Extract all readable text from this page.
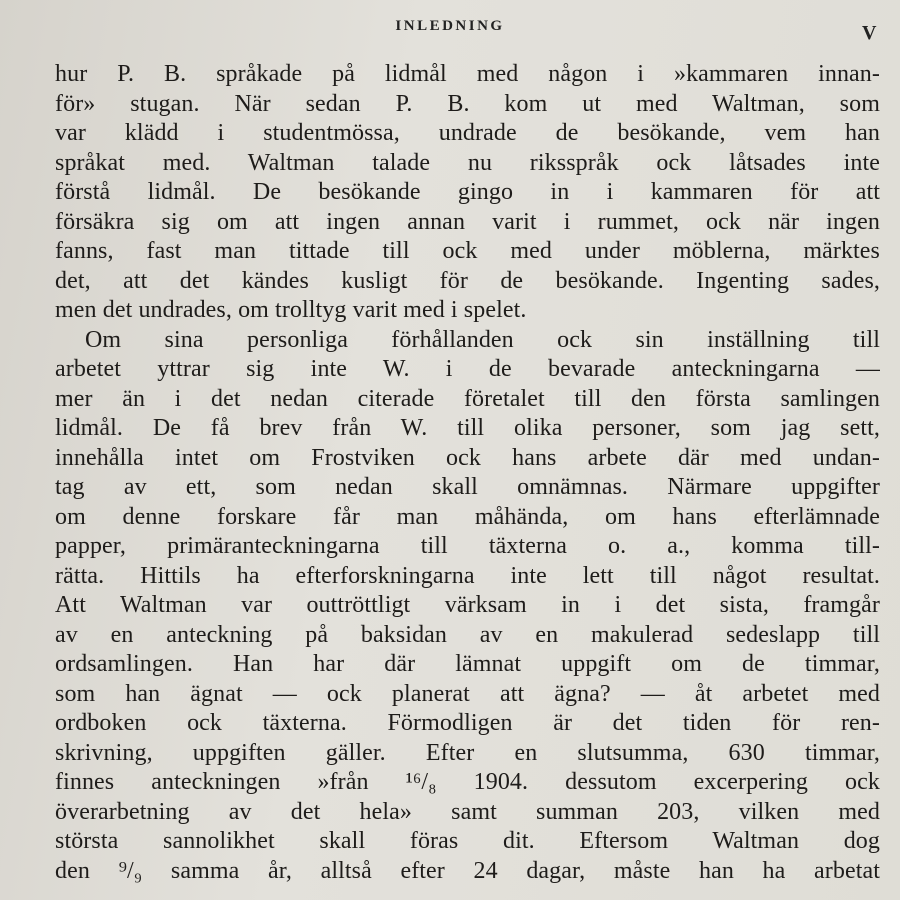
INLEDNING	V
hur P. B. språkade på lidmål med någon i »kammaren innan-
för» stugan. När sedan P. B. kom ut med Waltman, som
var klädd i studentmössa, undrade de besökande, vem han
språkat med. Waltman talade nu riksspråk ock låtsades inte
förstå lidmål. De besökande gingo in i kammaren för att
försäkra sig om att ingen annan varit i rummet, ock när ingen
fanns, fast man tittade till ock med under möblerna, märktes
det, att det kändes kusligt för de besökande. Ingenting sades,
men det undrades, om trolltyg varit med i spelet.
Om sina personliga förhållanden ock sin inställning till
arbetet yttrar sig inte W. i de bevarade anteckningarna —
mer än i det nedan citerade företalet till den första samlingen
lidmål. De få brev från W. till olika personer, som jag sett,
innehålla intet om Frostviken ock hans arbete där med undan-
tag av ett, som nedan skall omnämnas. Närmare uppgifter
om denne forskare får man måhända, om hans efterlämnade
papper, primäranteckningarna till täxterna o. a., komma till-
rätta. Hittils ha efterforskningarna inte lett till något resultat.
Att Waltman var outtröttligt värksam in i det sista, framgår
av en anteckning på baksidan av en makulerad sedeslapp till
ordsamlingen. Han har där lämnat uppgift om de timmar,
som han ägnat — ock planerat att ägna? — åt arbetet med
ordboken ock täxterna. Förmodligen är det tiden för ren-
skrivning, uppgiften gäller. Efter en slutsumma, 630 timmar,
finnes anteckningen »från ¹⁶/₈ 1904. dessutom excerpering ock
överarbetning av det hela» samt summan 203, vilken med
största sannolikhet skall föras dit. Eftersom Waltman dog
den ⁹/₉ samma år, alltså efter 24 dagar, måste han ha arbetat
